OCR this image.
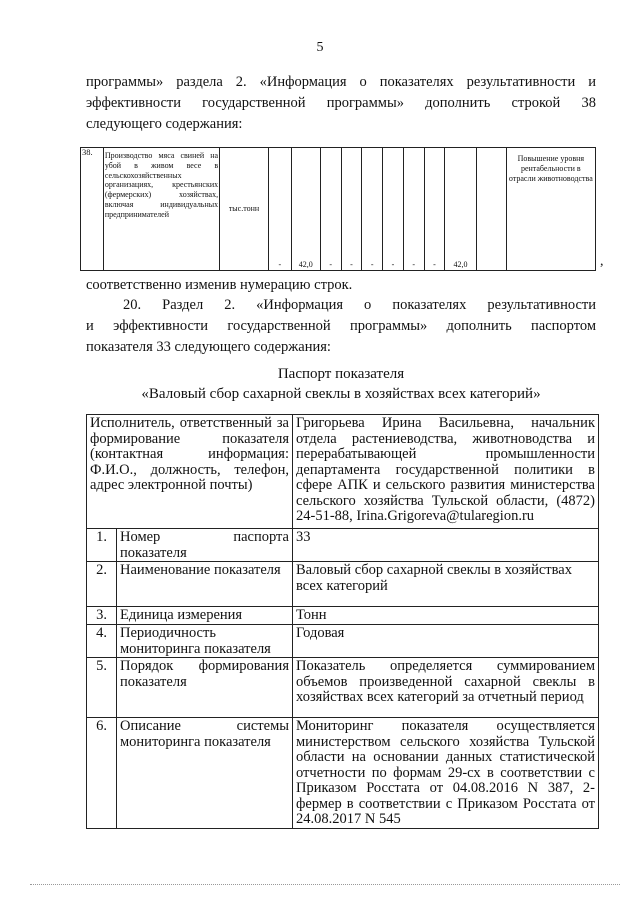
5
программы» раздела 2. «Информация о показателях результативности и
эффективности государственной программы» дополнить строкой 38
следующего содержания:
38.	Производство мяса свиней на убой в живом весе в сельскохозяйственных организациях, крестьянских (фермерских) хозяйствах, включая индивидуальных предпринимателей	тыс.тонн	-	42,0	-	-	-	-	-	-	42,0		Повышение уровня рентабельности в отрасли животноводства
,
соответственно изменив нумерацию строк.
20. Раздел 2. «Информация о показателях результативности
и эффективности государственной программы» дополнить паспортом
показателя 33 следующего содержания:
Паспорт показателя
«Валовый сбор сахарной свеклы в хозяйствах всех категорий»
Исполнитель, ответственный за формирование показателя (контактная информация: Ф.И.О., должность, телефон, адрес электронной почты)		Григорьева Ирина Васильевна, начальник отдела растениеводства, животноводства и перерабатывающей промышленности департамента государственной политики в сфере АПК и сельского развития министерства сельского хозяйства Тульской области, (4872) 24-51-88, Irina.Grigoreva@tularegion.ru
1.	Номер паспорта показателя	33
2.	Наименование показателя	Валовый сбор сахарной свеклы в хозяйствах всех категорий
3.	Единица измерения	Тонн
4.	Периодичность мониторинга показателя	Годовая
5.	Порядок формирования показателя	Показатель определяется суммированием объемов произведенной сахарной свеклы в хозяйствах всех категорий за отчетный период
6.	Описание системы мониторинга показателя	Мониторинг показателя осуществляется министерством сельского хозяйства Тульской области на основании данных статистической отчетности по формам 29-сх в соответствии с Приказом Росстата от 04.08.2016 N 387, 2-фермер в соответствии с Приказом Росстата от 24.08.2017 N 545
